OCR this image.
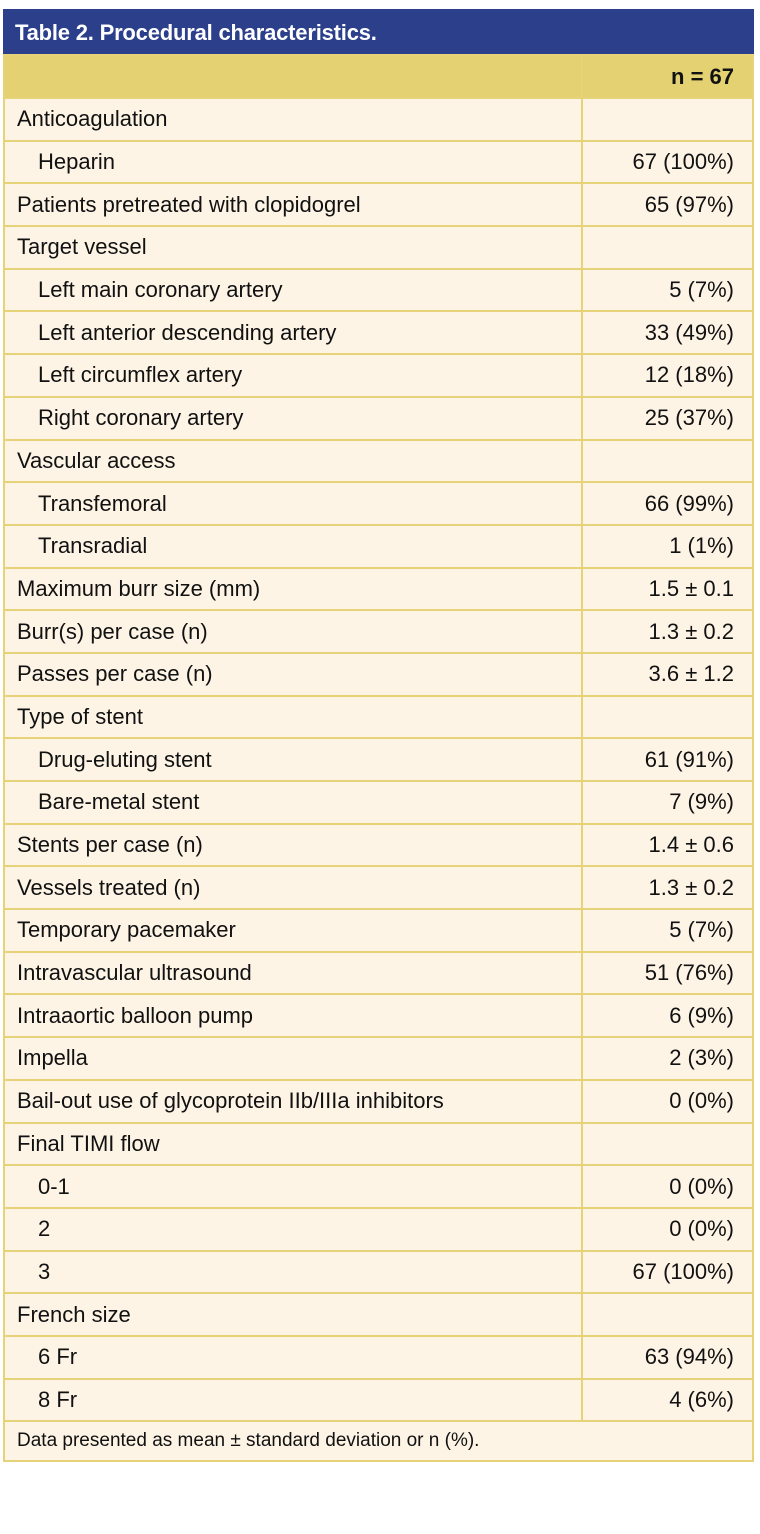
Table 2. Procedural characteristics.
	n = 67
Anticoagulation	
Heparin	67 (100%)
Patients pretreated with clopidogrel	65 (97%)
Target vessel	
Left main coronary artery	5 (7%)
Left anterior descending artery	33 (49%)
Left circumflex artery	12 (18%)
Right coronary artery	25 (37%)
Vascular access	
Transfemoral	66 (99%)
Transradial	1 (1%)
Maximum burr size (mm)	1.5 ± 0.1
Burr(s) per case (n)	1.3 ± 0.2
Passes per case (n)	3.6 ± 1.2
Type of stent	
Drug-eluting stent	61 (91%)
Bare-metal stent	7 (9%)
Stents per case (n)	1.4 ± 0.6
Vessels treated (n)	1.3 ± 0.2
Temporary pacemaker	5 (7%)
Intravascular ultrasound	51 (76%)
Intraaortic balloon pump	6 (9%)
Impella	2 (3%)
Bail-out use of glycoprotein IIb/IIIa inhibitors	0 (0%)
Final TIMI flow	
0-1	0 (0%)
2	0 (0%)
3	67 (100%)
French size	
6 Fr	63 (94%)
8 Fr	4 (6%)
Data presented as mean ± standard deviation or n (%).	
